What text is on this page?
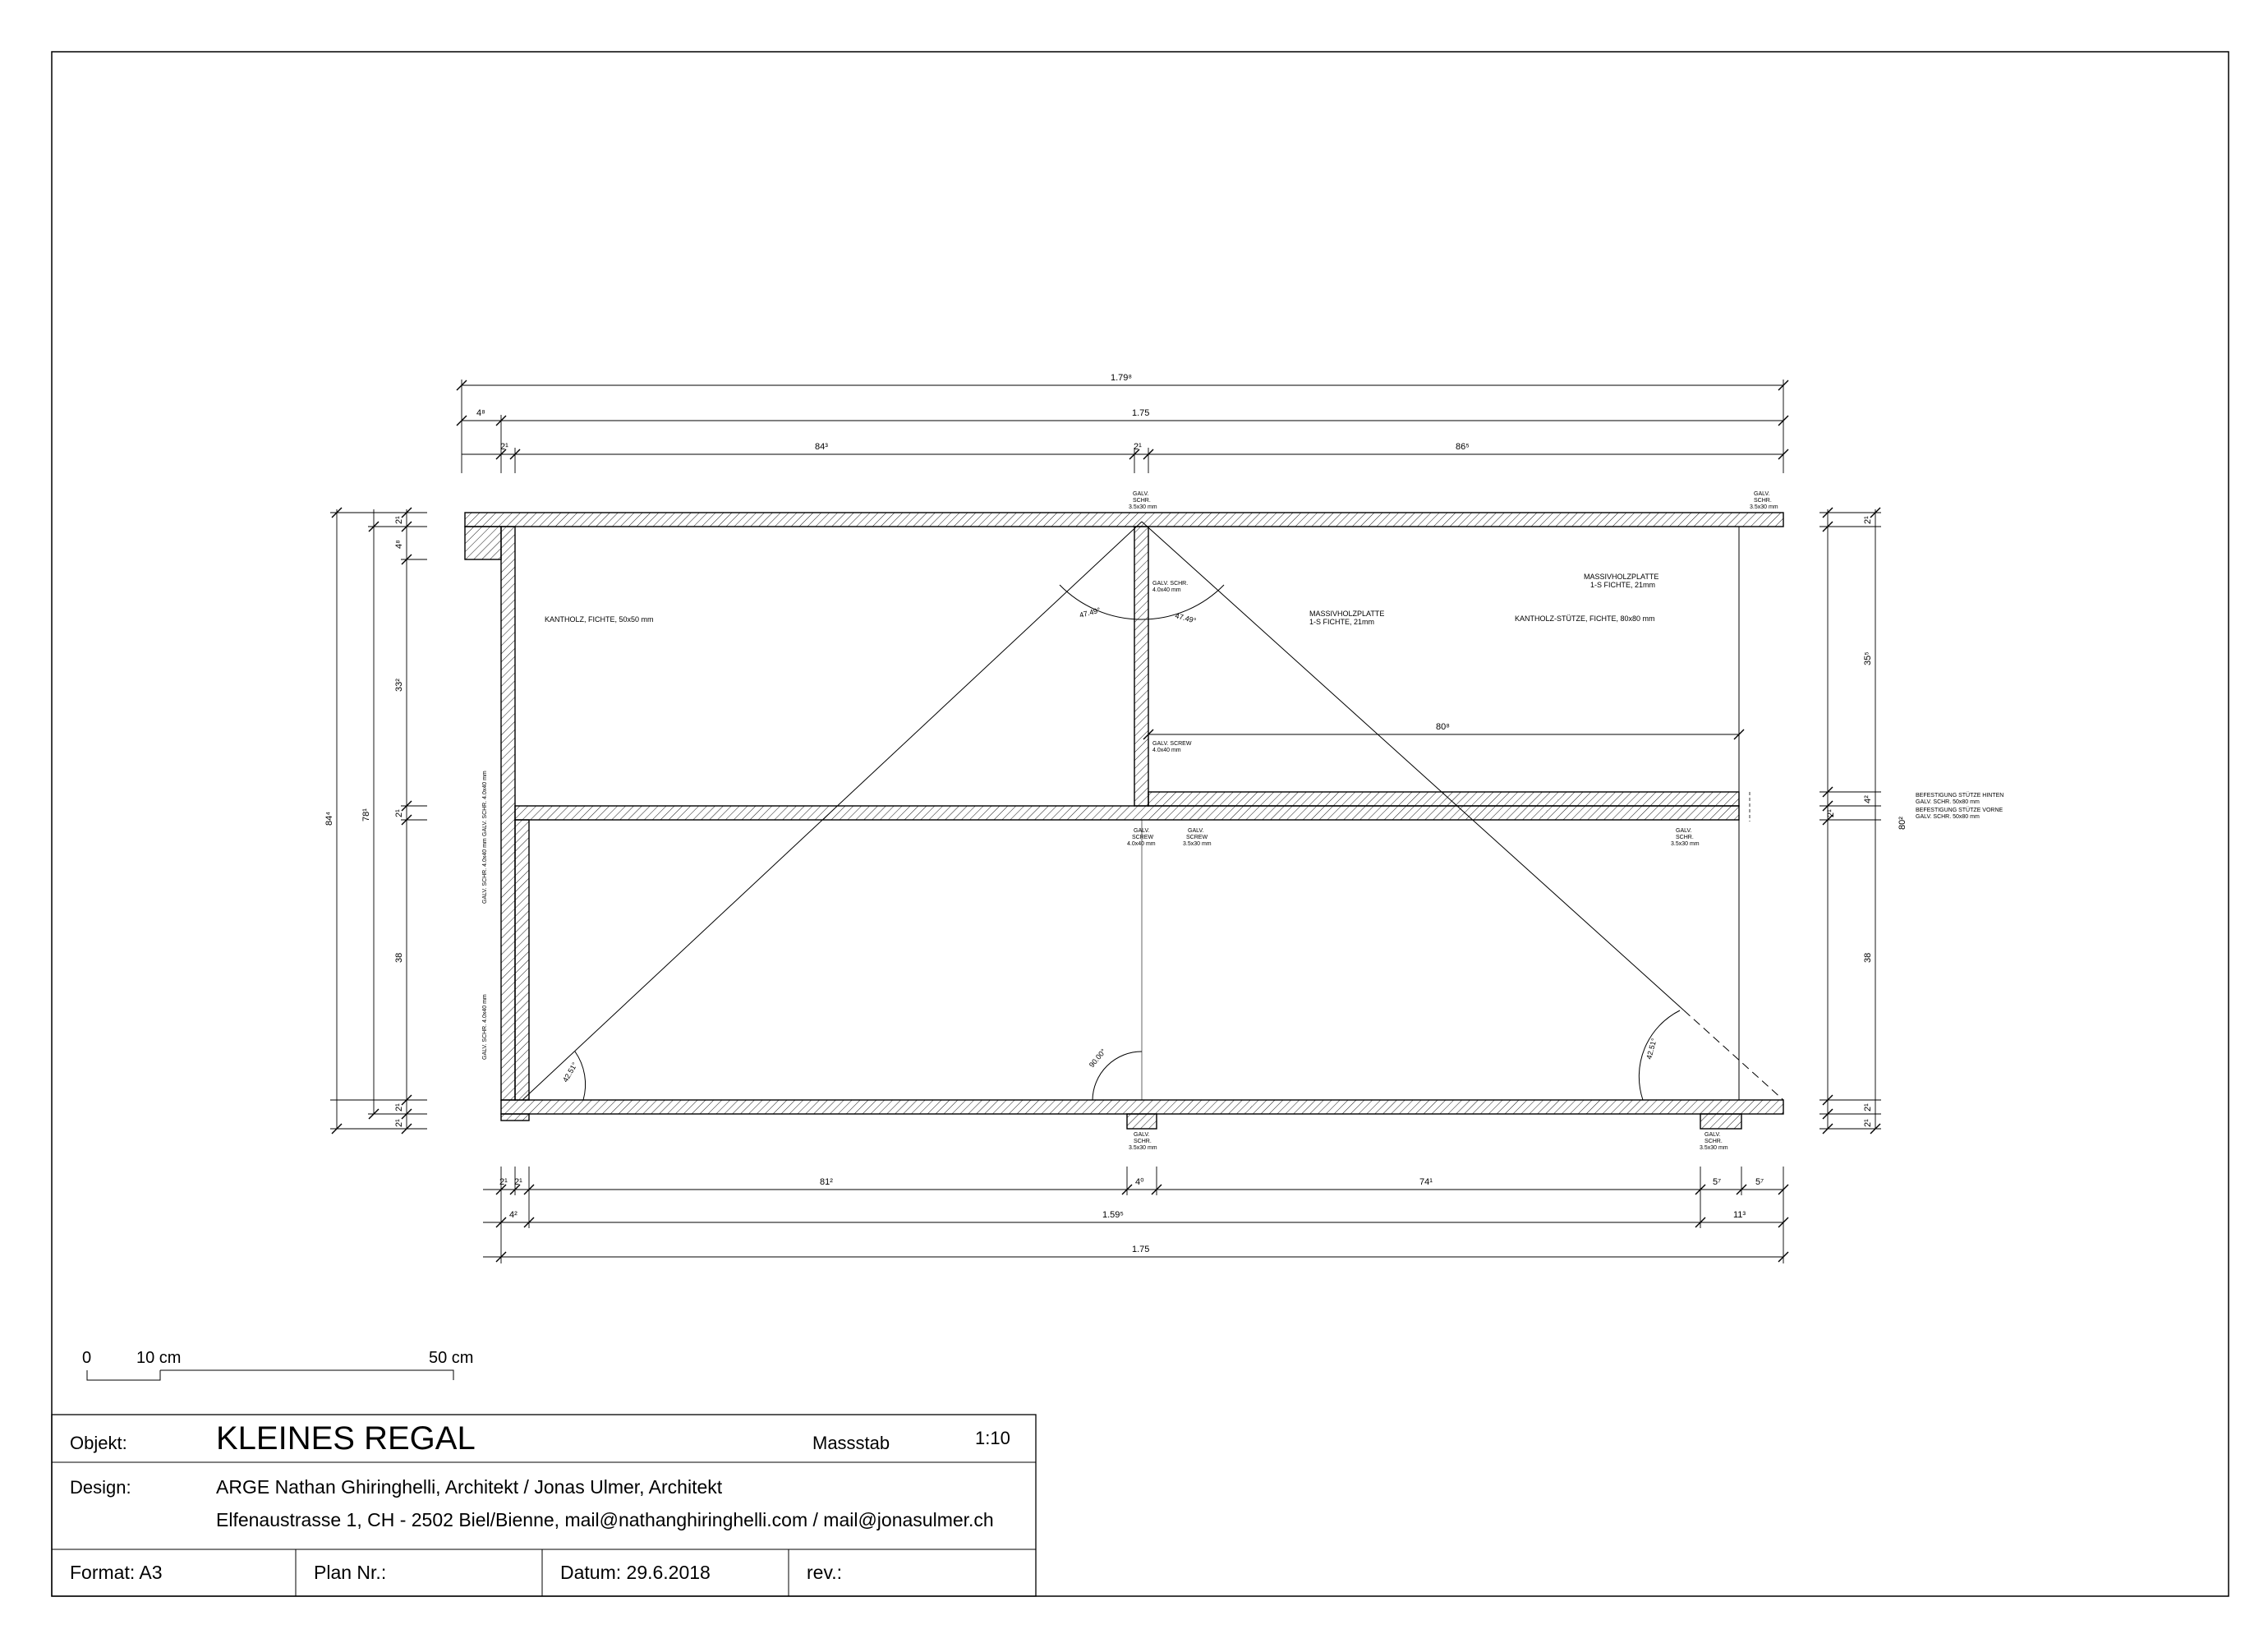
47.49°	47.49°
42.51°
90.00°	42.51°
KANTHOLZ, FICHTE, 50x50 mm
MASSIVHOLZPLATTE
1-S FICHTE, 21mm
MASSIVHOLZPLATTE
1-S FICHTE, 21mm
KANTHOLZ-STÜTZE, FICHTE, 80x80 mm
BEFESTIGUNG STÜTZE HINTEN
GALV. SCHR. 50x80 mm
BEFESTIGUNG STÜTZE VORNE
GALV. SCHR. 50x80 mm
GALV.
SCHR.
3.5x30 mm
GALV.
SCHR.
3.5x30 mm
GALV. SCHR.
4.0x40 mm
GALV. SCREW
4.0x40 mm
GALV.
SCREW
4.0x40 mm
GALV.
SCREW
3.5x30 mm
GALV.
SCHR.
3.5x30 mm
GALV.
SCHR.
3.5x30 mm
GALV.
SCHR.
3.5x30 mm
GALV. SCHR. 4.0x40 mm
GALV. SCHR. 4.0x40 mm
GALV. SCHR. 4.0x40 mm
1.79⁸
1.75
4⁸
2¹	84³	2¹	86⁵
2¹ 2¹	81²	4⁰	74¹	5⁷	5⁷
4²	1.59⁵	11³
1.75
84⁴	78¹
2¹
4⁸
33²
2¹
38
2¹
2¹
80²
2¹
35⁵
4²
2¹
38
2¹
2¹
80⁸
0	10 cm	50 cm
Objekt:	KLEINES REGAL	Massstab	1:10
Design:	ARGE Nathan Ghiringhelli, Architekt / Jonas Ulmer, Architekt
Elfenaustrasse 1, CH - 2502 Biel/Bienne, mail@nathanghiringhelli.com / mail@jonasulmer.ch
Format: A3	Plan Nr.:	Datum: 29.6.2018	rev.:
